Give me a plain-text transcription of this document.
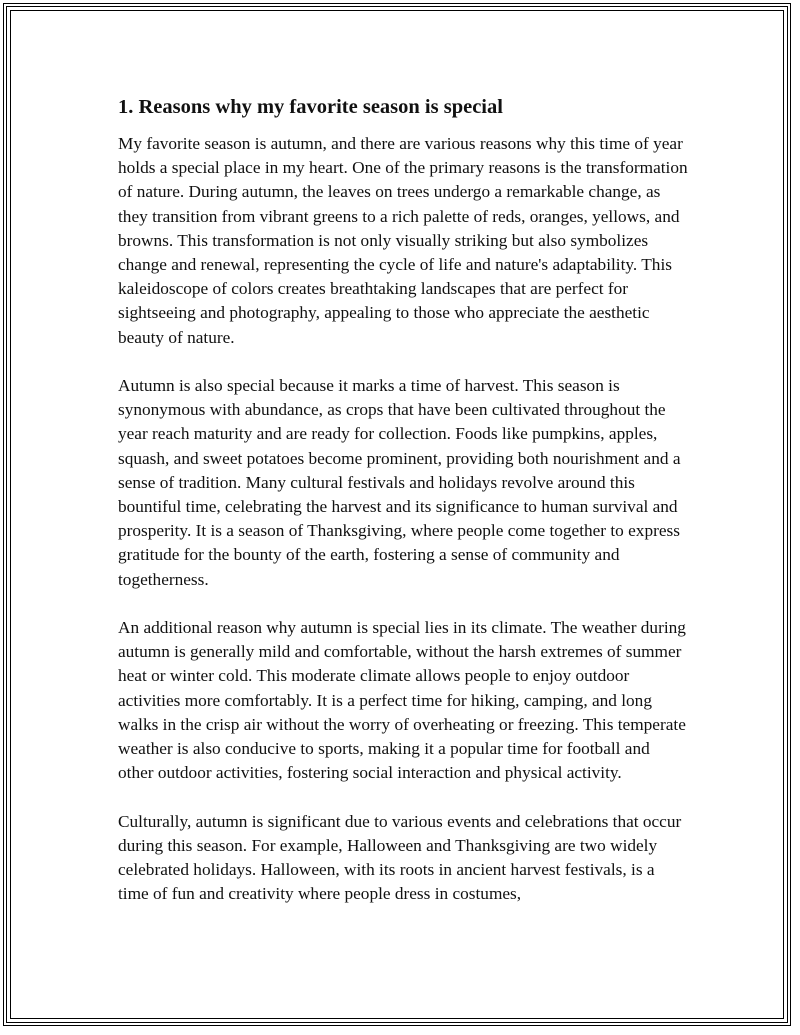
1. Reasons why my favorite season is special

My favorite season is autumn, and there are various reasons why this time of year holds a special place in my heart. One of the primary reasons is the transformation of nature. During autumn, the leaves on trees undergo a remarkable change, as they transition from vibrant greens to a rich palette of reds, oranges, yellows, and browns. This transformation is not only visually striking but also symbolizes change and renewal, representing the cycle of life and nature's adaptability. This kaleidoscope of colors creates breathtaking landscapes that are perfect for sightseeing and photography, appealing to those who appreciate the aesthetic beauty of nature.

Autumn is also special because it marks a time of harvest. This season is synonymous with abundance, as crops that have been cultivated throughout the year reach maturity and are ready for collection. Foods like pumpkins, apples, squash, and sweet potatoes become prominent, providing both nourishment and a sense of tradition. Many cultural festivals and holidays revolve around this bountiful time, celebrating the harvest and its significance to human survival and prosperity. It is a season of Thanksgiving, where people come together to express gratitude for the bounty of the earth, fostering a sense of community and togetherness.

An additional reason why autumn is special lies in its climate. The weather during autumn is generally mild and comfortable, without the harsh extremes of summer heat or winter cold. This moderate climate allows people to enjoy outdoor activities more comfortably. It is a perfect time for hiking, camping, and long walks in the crisp air without the worry of overheating or freezing. This temperate weather is also conducive to sports, making it a popular time for football and other outdoor activities, fostering social interaction and physical activity.

Culturally, autumn is significant due to various events and celebrations that occur during this season. For example, Halloween and Thanksgiving are two widely celebrated holidays. Halloween, with its roots in ancient harvest festivals, is a time of fun and creativity where people dress in costumes,
